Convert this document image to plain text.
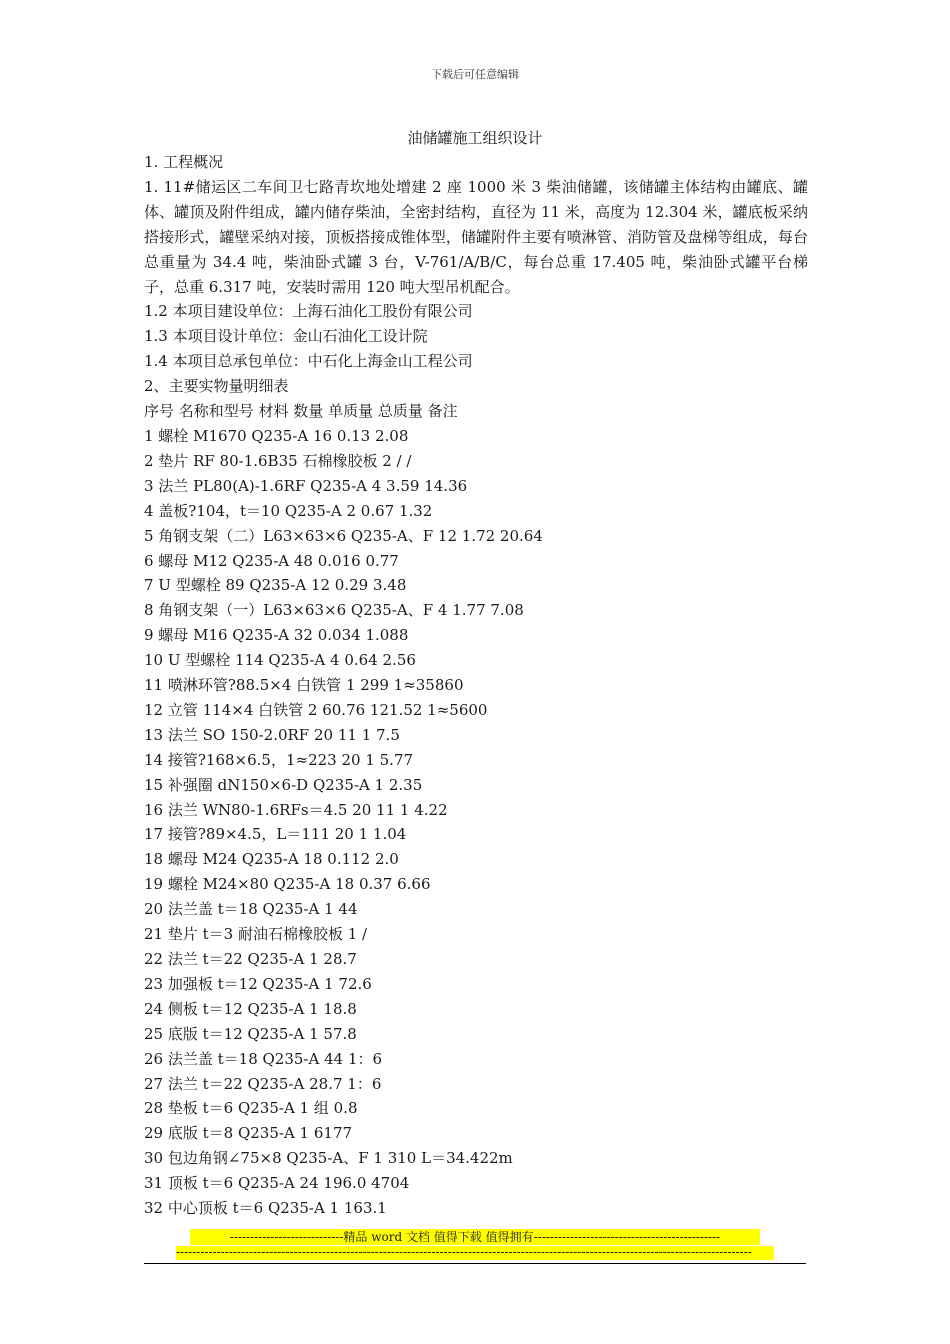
下载后可任意编辑
油储罐施工组织设计

1. 工程概况

1. 11#储运区二车间卫七路青坎地处增建 2 座 1000 米 3 柴油储罐，该储罐主体结构由罐底、罐体、罐顶及附件组成，罐内储存柴油，全密封结构，直径为 11 米，高度为 12.304 米，罐底板采纳搭接形式，罐壁采纳对接，顶板搭接成锥体型，储罐附件主要有喷淋管、消防管及盘梯等组成，每台总重量为 34.4 吨，柴油卧式罐 3 台，V-761/A/B/C，每台总重 17.405 吨，柴油卧式罐平台梯子，总重 6.317 吨，安装时需用 120 吨大型吊机配合。

1.2 本项目建设单位：上海石油化工股份有限公司

1.3 本项目设计单位：金山石油化工设计院

1.4 本项目总承包单位：中石化上海金山工程公司

2、主要实物量明细表

序号 名称和型号 材料 数量 单质量 总质量 备注

1 螺栓 M1670 Q235-A 16 0.13 2.08

2 垫片 RF 80-1.6B35 石棉橡胶板 2 / /

3 法兰 PL80(A)-1.6RF Q235-A 4 3.59 14.36

4 盖板?104，t＝10 Q235-A 2 0.67 1.32

5 角钢支架（二）L63×63×6 Q235-A、F 12 1.72 20.64

6 螺母 M12 Q235-A 48 0.016 0.77

7 U 型螺栓 89 Q235-A 12 0.29 3.48

8 角钢支架（一）L63×63×6 Q235-A、F 4 1.77 7.08

9 螺母 M16 Q235-A 32 0.034 1.088

10 U 型螺栓 114 Q235-A 4 0.64 2.56

11 喷淋环管?88.5×4 白铁管 1 299 1≈35860

12 立管 114×4 白铁管 2 60.76 121.52 1≈5600

13 法兰 SO 150-2.0RF 20 11 1 7.5

14 接管?168×6.5，1≈223 20 1 5.77

15 补强圈 dN150×6-D Q235-A 1 2.35

16 法兰 WN80-1.6RFs＝4.5 20 11 1 4.22

17 接管?89×4.5，L＝111 20 1 1.04

18 螺母 M24 Q235-A 18 0.112 2.0

19 螺栓 M24×80 Q235-A 18 0.37 6.66

20 法兰盖 t＝18 Q235-A 1 44

21 垫片 t＝3 耐油石棉橡胶板 1 /

22 法兰 t＝22 Q235-A 1 28.7

23 加强板 t＝12 Q235-A 1 72.6

24 侧板 t＝12 Q235-A 1 18.8

25 底版 t＝12 Q235-A 1 57.8

26 法兰盖 t＝18 Q235-A 44 1：6

27 法兰 t＝22 Q235-A 28.7 1：6

28 垫板 t＝6 Q235-A 1 组 0.8

29 底版 t＝8 Q235-A 1 6177

30 包边角钢∠75×8 Q235-A、F 1 310 L＝34.422m

31 顶板 t＝6 Q235-A 24 196.0 4704

32 中心顶板 t＝6 Q235-A 1 163.1

----------------------------精品 word 文档 值得下载 值得拥有----------------------------------------------
----------------------------------------------------------------------------------------------------------------------------------------------
